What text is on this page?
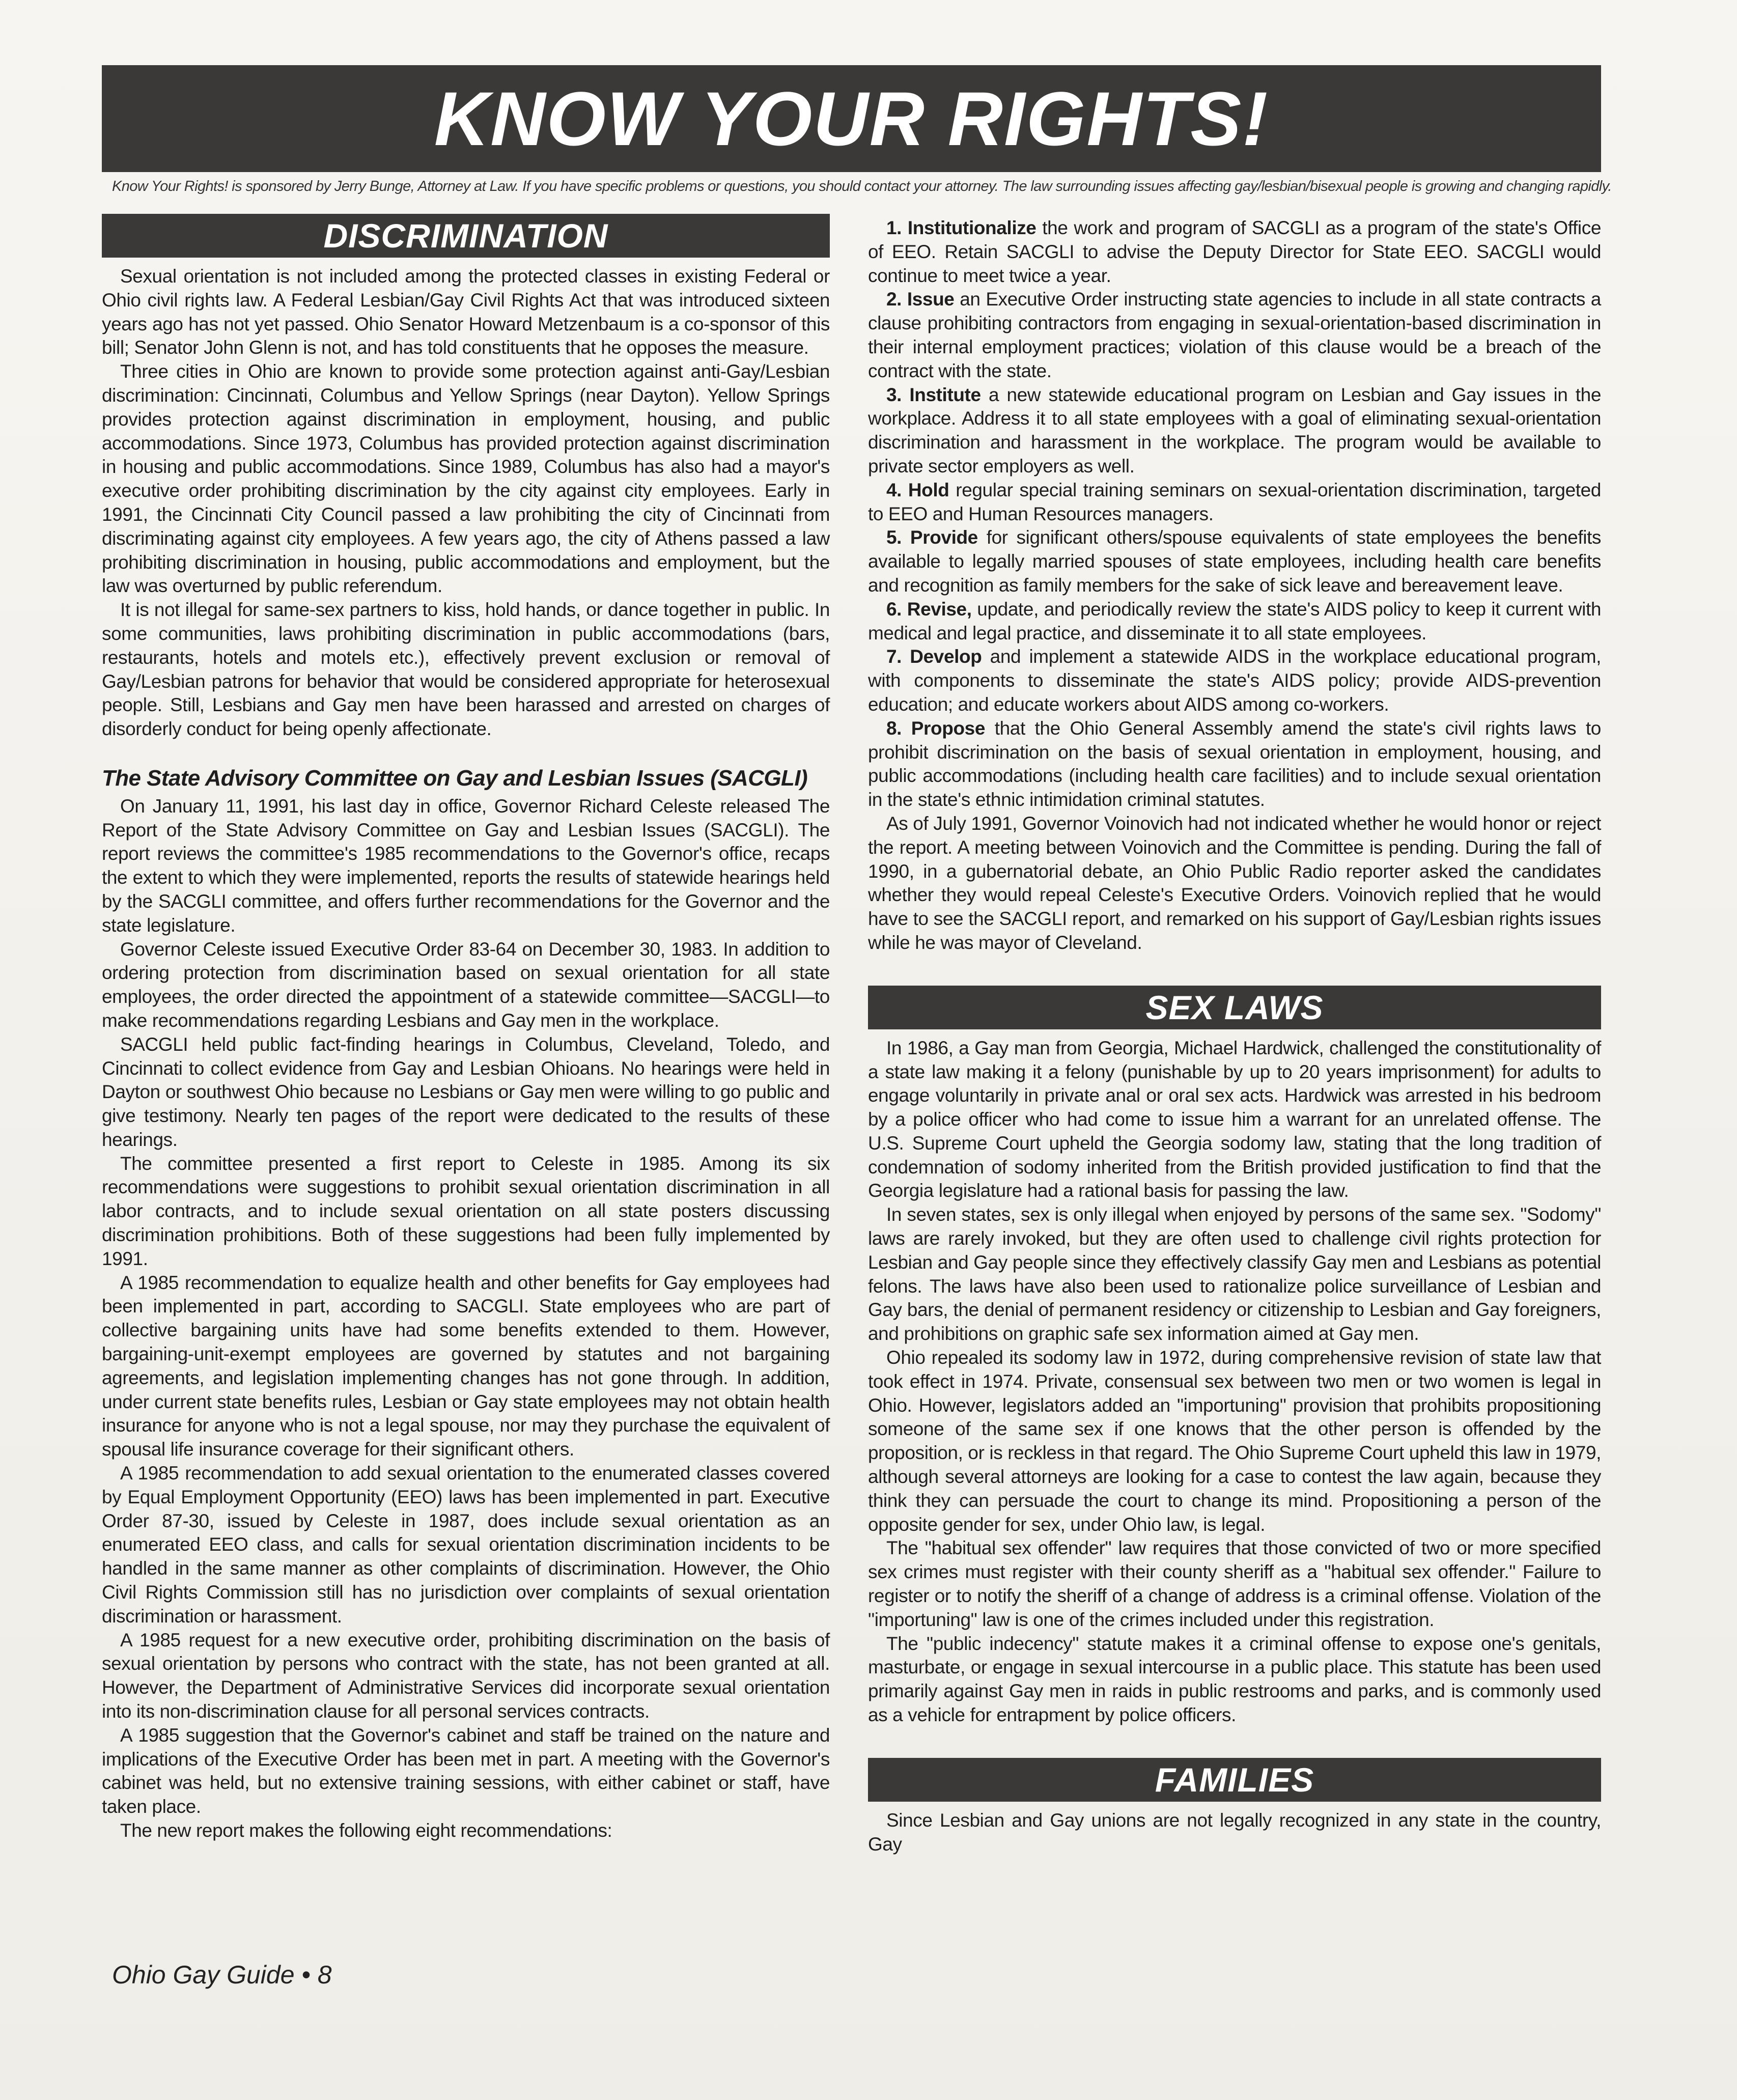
KNOW YOUR RIGHTS!
Know Your Rights! is sponsored by Jerry Bunge, Attorney at Law. If you have specific problems or questions, you should contact your attorney. The law surrounding issues affecting gay/lesbian/bisexual people is growing and changing rapidly.
DISCRIMINATION

Sexual orientation is not included among the protected classes in existing Federal or Ohio civil rights law. A Federal Lesbian/Gay Civil Rights Act that was introduced sixteen years ago has not yet passed. Ohio Senator Howard Metzenbaum is a co-sponsor of this bill; Senator John Glenn is not, and has told constituents that he opposes the measure.

Three cities in Ohio are known to provide some protection against anti-Gay/Lesbian discrimination: Cincinnati, Columbus and Yellow Springs (near Dayton). Yellow Springs provides protection against discrimination in employment, housing, and public accommodations. Since 1973, Columbus has provided protection against discrimination in housing and public accommodations. Since 1989, Columbus has also had a mayor's executive order prohibiting discrimination by the city against city employees. Early in 1991, the Cincinnati City Council passed a law prohibiting the city of Cincinnati from discriminating against city employees. A few years ago, the city of Athens passed a law prohibiting discrimination in housing, public accommodations and employment, but the law was overturned by public referendum.

It is not illegal for same-sex partners to kiss, hold hands, or dance together in public. In some communities, laws prohibiting discrimination in public accommodations (bars, restaurants, hotels and motels etc.), effectively prevent exclusion or removal of Gay/Lesbian patrons for behavior that would be considered appropriate for heterosexual people. Still, Lesbians and Gay men have been harassed and arrested on charges of disorderly conduct for being openly affectionate.

The State Advisory Committee on Gay and Lesbian Issues (SACGLI)

On January 11, 1991, his last day in office, Governor Richard Celeste released The Report of the State Advisory Committee on Gay and Lesbian Issues (SACGLI). The report reviews the committee's 1985 recommendations to the Governor's office, recaps the extent to which they were implemented, reports the results of statewide hearings held by the SACGLI committee, and offers further recommendations for the Governor and the state legislature.

Governor Celeste issued Executive Order 83-64 on December 30, 1983. In addition to ordering protection from discrimination based on sexual orientation for all state employees, the order directed the appointment of a statewide committee—SACGLI—to make recommendations regarding Lesbians and Gay men in the workplace.

SACGLI held public fact-finding hearings in Columbus, Cleveland, Toledo, and Cincinnati to collect evidence from Gay and Lesbian Ohioans. No hearings were held in Dayton or southwest Ohio because no Lesbians or Gay men were willing to go public and give testimony. Nearly ten pages of the report were dedicated to the results of these hearings.

The committee presented a first report to Celeste in 1985. Among its six recommendations were suggestions to prohibit sexual orientation discrimination in all labor contracts, and to include sexual orientation on all state posters discussing discrimination prohibitions. Both of these suggestions had been fully implemented by 1991.

A 1985 recommendation to equalize health and other benefits for Gay employees had been implemented in part, according to SACGLI. State employees who are part of collective bargaining units have had some benefits extended to them. However, bargaining-unit-exempt employees are governed by statutes and not bargaining agreements, and legislation implementing changes has not gone through. In addition, under current state benefits rules, Lesbian or Gay state employees may not obtain health insurance for anyone who is not a legal spouse, nor may they purchase the equivalent of spousal life insurance coverage for their significant others.

A 1985 recommendation to add sexual orientation to the enumerated classes covered by Equal Employment Opportunity (EEO) laws has been implemented in part. Executive Order 87-30, issued by Celeste in 1987, does include sexual orientation as an enumerated EEO class, and calls for sexual orientation discrimination incidents to be handled in the same manner as other complaints of discrimination. However, the Ohio Civil Rights Commission still has no jurisdiction over complaints of sexual orientation discrimination or harassment.

A 1985 request for a new executive order, prohibiting discrimination on the basis of sexual orientation by persons who contract with the state, has not been granted at all. However, the Department of Administrative Services did incorporate sexual orientation into its non-discrimination clause for all personal services contracts.

A 1985 suggestion that the Governor's cabinet and staff be trained on the nature and implications of the Executive Order has been met in part. A meeting with the Governor's cabinet was held, but no extensive training sessions, with either cabinet or staff, have taken place.

The new report makes the following eight recommendations:

1. Institutionalize the work and program of SACGLI as a program of the state's Office of EEO. Retain SACGLI to advise the Deputy Director for State EEO. SACGLI would continue to meet twice a year.

2. Issue an Executive Order instructing state agencies to include in all state contracts a clause prohibiting contractors from engaging in sexual-orientation-based discrimination in their internal employment practices; violation of this clause would be a breach of the contract with the state.

3. Institute a new statewide educational program on Lesbian and Gay issues in the workplace. Address it to all state employees with a goal of eliminating sexual-orientation discrimination and harassment in the workplace. The program would be available to private sector employers as well.

4. Hold regular special training seminars on sexual-orientation discrimination, targeted to EEO and Human Resources managers.

5. Provide for significant others/spouse equivalents of state employees the benefits available to legally married spouses of state employees, including health care benefits and recognition as family members for the sake of sick leave and bereavement leave.

6. Revise, update, and periodically review the state's AIDS policy to keep it current with medical and legal practice, and disseminate it to all state employees.

7. Develop and implement a statewide AIDS in the workplace educational program, with components to disseminate the state's AIDS policy; provide AIDS-prevention education; and educate workers about AIDS among co-workers.

8. Propose that the Ohio General Assembly amend the state's civil rights laws to prohibit discrimination on the basis of sexual orientation in employment, housing, and public accommodations (including health care facilities) and to include sexual orientation in the state's ethnic intimidation criminal statutes.

As of July 1991, Governor Voinovich had not indicated whether he would honor or reject the report. A meeting between Voinovich and the Committee is pending. During the fall of 1990, in a gubernatorial debate, an Ohio Public Radio reporter asked the candidates whether they would repeal Celeste's Executive Orders. Voinovich replied that he would have to see the SACGLI report, and remarked on his support of Gay/Lesbian rights issues while he was mayor of Cleveland.

SEX LAWS

In 1986, a Gay man from Georgia, Michael Hardwick, challenged the constitutionality of a state law making it a felony (punishable by up to 20 years imprisonment) for adults to engage voluntarily in private anal or oral sex acts. Hardwick was arrested in his bedroom by a police officer who had come to issue him a warrant for an unrelated offense. The U.S. Supreme Court upheld the Georgia sodomy law, stating that the long tradition of condemnation of sodomy inherited from the British provided justification to find that the Georgia legislature had a rational basis for passing the law.

In seven states, sex is only illegal when enjoyed by persons of the same sex. "Sodomy" laws are rarely invoked, but they are often used to challenge civil rights protection for Lesbian and Gay people since they effectively classify Gay men and Lesbians as potential felons. The laws have also been used to rationalize police surveillance of Lesbian and Gay bars, the denial of permanent residency or citizenship to Lesbian and Gay foreigners, and prohibitions on graphic safe sex information aimed at Gay men.

Ohio repealed its sodomy law in 1972, during comprehensive revision of state law that took effect in 1974. Private, consensual sex between two men or two women is legal in Ohio. However, legislators added an "importuning" provision that prohibits propositioning someone of the same sex if one knows that the other person is offended by the proposition, or is reckless in that regard. The Ohio Supreme Court upheld this law in 1979, although several attorneys are looking for a case to contest the law again, because they think they can persuade the court to change its mind. Propositioning a person of the opposite gender for sex, under Ohio law, is legal.

The "habitual sex offender" law requires that those convicted of two or more specified sex crimes must register with their county sheriff as a "habitual sex offender." Failure to register or to notify the sheriff of a change of address is a criminal offense. Violation of the "importuning" law is one of the crimes included under this registration.

The "public indecency" statute makes it a criminal offense to expose one's genitals, masturbate, or engage in sexual intercourse in a public place. This statute has been used primarily against Gay men in raids in public restrooms and parks, and is commonly used as a vehicle for entrapment by police officers.

FAMILIES

Since Lesbian and Gay unions are not legally recognized in any state in the country, Gay

Ohio Gay Guide • 8
